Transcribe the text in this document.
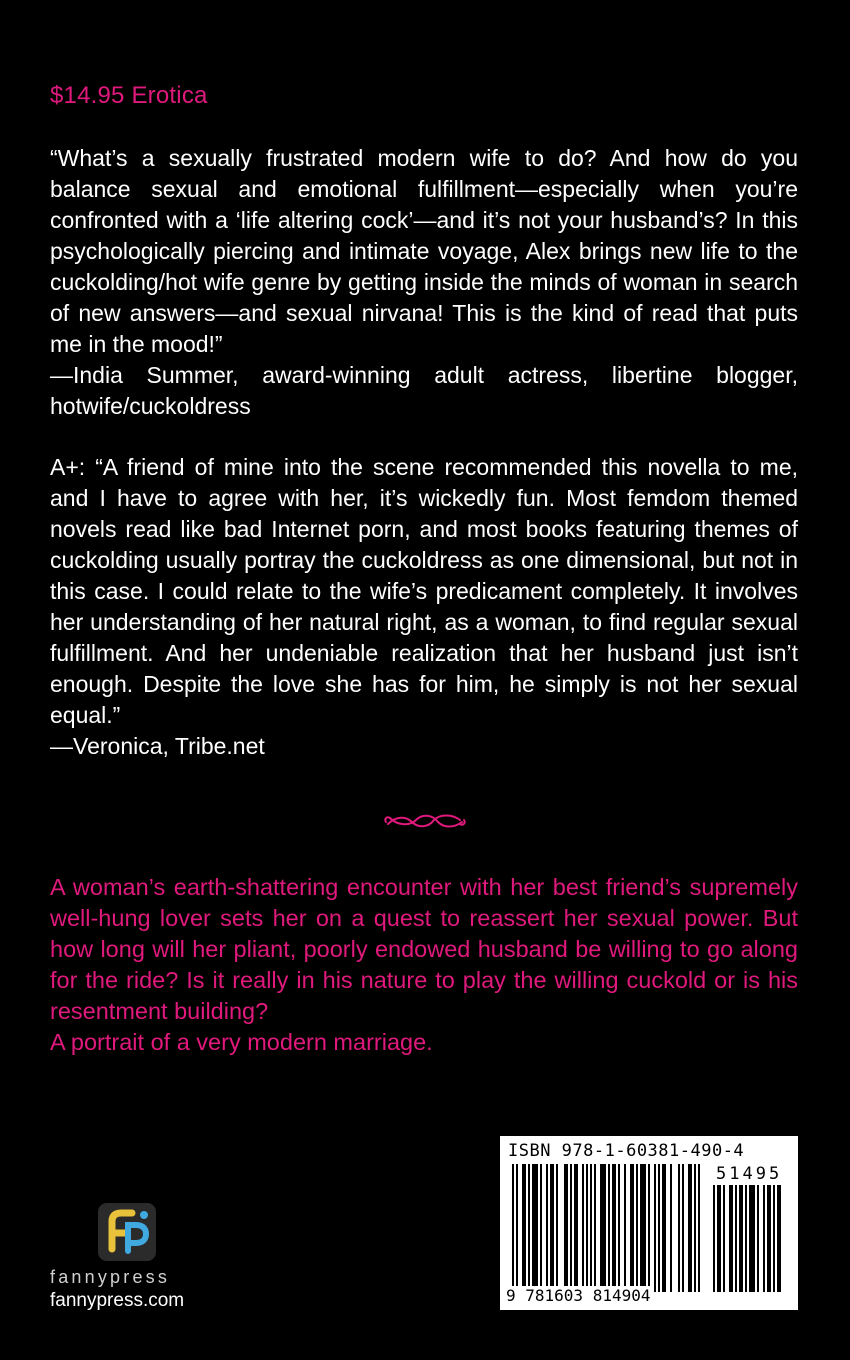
$14.95 Erotica

“What’s a sexually frustrated modern wife to do? And how do you balance sexual and emotional fulfillment—especially when you’re confronted with a ‘life altering cock’—and it’s not your husband’s? In this psychologically piercing and intimate voyage, Alex brings new life to the cuckolding/hot wife genre by getting inside the minds of woman in search of new answers—and sexual nirvana! This is the kind of read that puts me in the mood!”

—India Summer, award-winning adult actress, libertine blogger, hotwife/cuckoldress

A+: “A friend of mine into the scene recommended this novella to me, and I have to agree with her, it’s wickedly fun. Most femdom themed novels read like bad Internet porn, and most books featuring themes of cuckolding usually portray the cuckoldress as one dimensional, but not in this case. I could relate to the wife’s predicament completely. It involves her understanding of her natural right, as a woman, to find regular sexual fulfillment. And her undeniable realization that her husband just isn’t enough. Despite the love she has for him, he simply is not her sexual equal.”

—Veronica, Tribe.net

A woman’s earth-shattering encounter with her best friend’s supremely well-hung lover sets her on a quest to reassert her sexual power. But how long will her pliant, poorly endowed husband be willing to go along for the ride? Is it really in his nature to play the willing cuckold or is his resentment building?

A portrait of a very modern marriage.

fannypress
fannypress.com
ISBN 978-1-60381-490-4
51495
9 781603 814904
